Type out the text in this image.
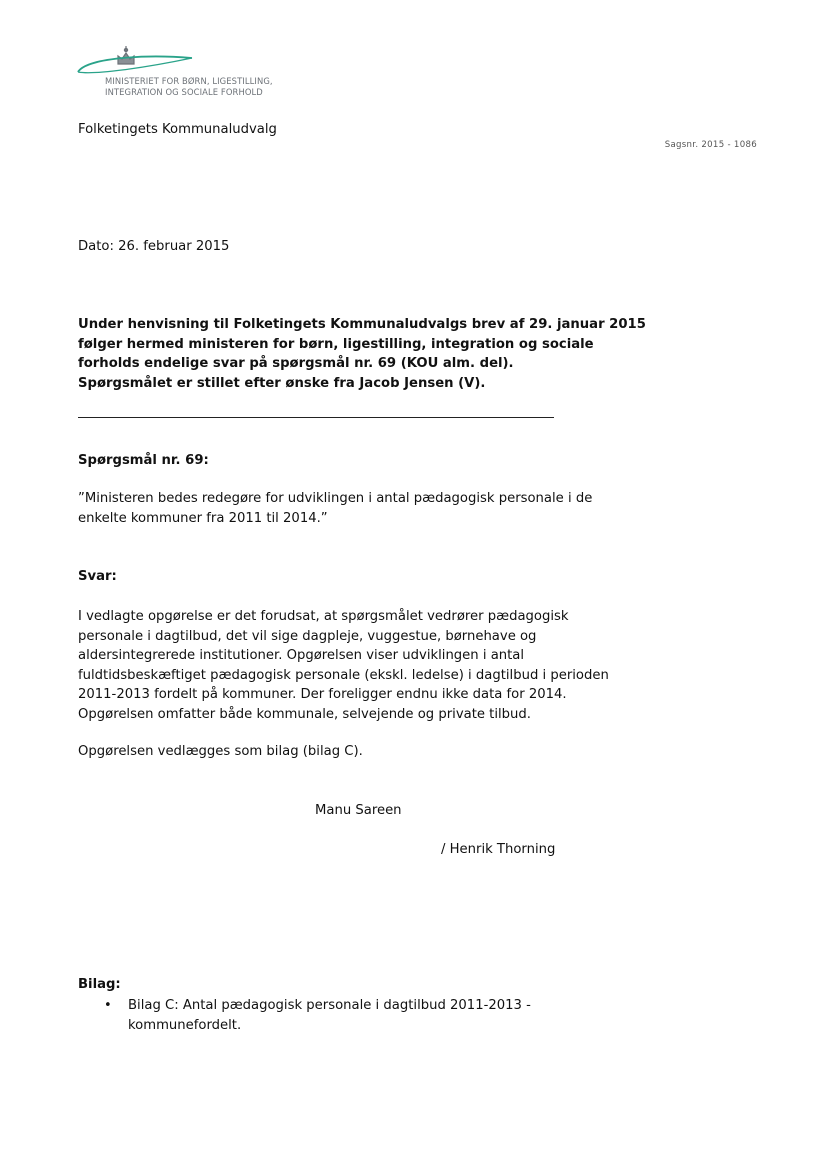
MINISTERIET FOR BØRN, LIGESTILLING,
INTEGRATION OG SOCIALE FORHOLD
Folketingets Kommunaludvalg
Sagsnr. 2015 - 1086
Dato: 26. februar 2015
Under henvisning til Folketingets Kommunaludvalgs brev af 29. januar 2015
følger hermed ministeren for børn, ligestilling, integration og sociale
forholds endelige svar på spørgsmål nr. 69 (KOU alm. del).
Spørgsmålet er stillet efter ønske fra Jacob Jensen (V).
Spørgsmål nr. 69:
”Ministeren bedes redegøre for udviklingen i antal pædagogisk personale i de
enkelte kommuner fra 2011 til 2014.”
Svar:
I vedlagte opgørelse er det forudsat, at spørgsmålet vedrører pædagogisk
personale i dagtilbud, det vil sige dagpleje, vuggestue, børnehave og
aldersintegrerede institutioner. Opgørelsen viser udviklingen i antal
fuldtidsbeskæftiget pædagogisk personale (ekskl. ledelse) i dagtilbud i perioden
2011-2013 fordelt på kommuner. Der foreligger endnu ikke data for 2014.
Opgørelsen omfatter både kommunale, selvejende og private tilbud.
Opgørelsen vedlægges som bilag (bilag C).
Manu Sareen
/ Henrik Thorning
Bilag:
• Bilag C: Antal pædagogisk personale i dagtilbud 2011-2013 -
kommunefordelt.
